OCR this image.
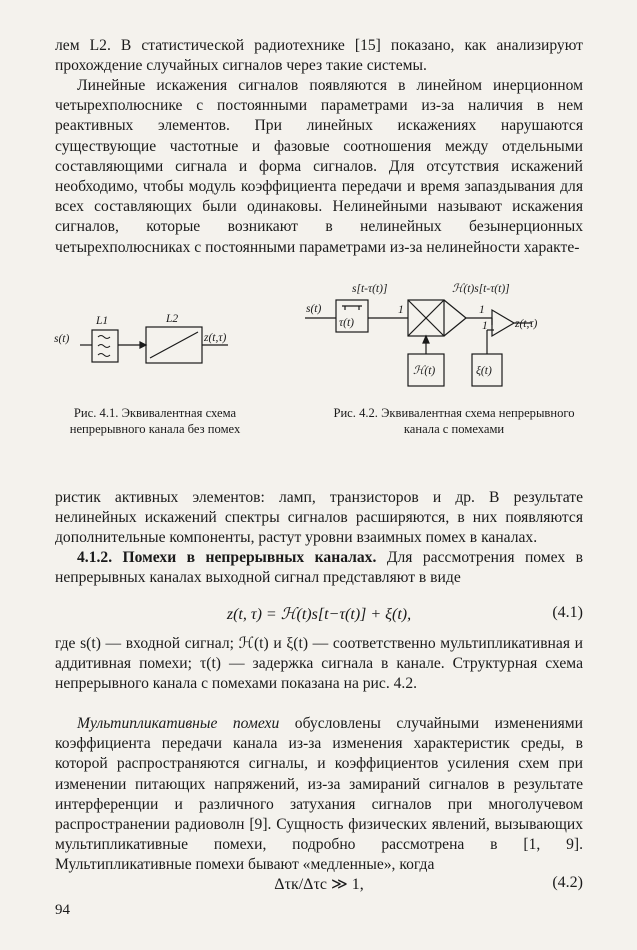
лем L2. В статистической радиотехнике [15] показано, как анализируют прохождение случайных сигналов через такие системы.

Линейные искажения сигналов появляются в линейном инерционном четырехполюснике с постоянными параметрами из-за наличия в нем реактивных элементов. При линейных искажениях нарушаются существующие частотные и фазовые соотношения между отдельными составляющими сигнала и форма сигналов. Для отсутствия искажений необходимо, чтобы модуль коэффициента передачи и время запаздывания для всех составляющих были одинаковы. Нелинейными называют искажения сигналов, которые возникают в нелинейных безынерционных четырехполюсниках с постоянными параметрами из-за нелинейности характе-

Рис. 4.1. Эквивалентная схема непрерывного канала без помех
Рис. 4.2. Эквивалентная схема непрерывного канала с помехами

ристик активных элементов: ламп, транзисторов и др. В результате нелинейных искажений спектры сигналов расширяются, в них появляются дополнительные компоненты, растут уровни взаимных помех в каналах.

4.1.2. Помехи в непрерывных каналах. Для рассмотрения помех в непрерывных каналах выходной сигнал представляют в виде

z(t, τ) = ℋ(t)s[t−τ(t)] + ξ(t),	(4.1)

где s(t) — входной сигнал; ℋ(t) и ξ(t) — соответственно мультипликативная и аддитивная помехи; τ(t) — задержка сигнала в канале. Структурная схема непрерывного канала с помехами показана на рис. 4.2.

Мультипликативные помехи обусловлены случайными изменениями коэффициента передачи канала из-за изменения характеристик среды, в которой распространяются сигналы, и коэффициентов усиления схем при изменении питающих напряжений, из-за замираний сигналов в результате интерференции и различного затухания сигналов при многолучевом распространении радиоволн [9]. Сущность физических явлений, вызывающих мультипликативные помехи, подробно рассмотрена в [1, 9]. Мультипликативные помехи бывают «медленные», когда

Δτк/Δτс ≫ 1,	(4.2)
94
s(t)
L1	L2
z(t,τ)
s(t)
τ(t)
s[t-τ(t)]	ℋ(t)s[t-τ(t)]
1	1
1 z(t,τ)
ℋ(t)	ξ(t)
